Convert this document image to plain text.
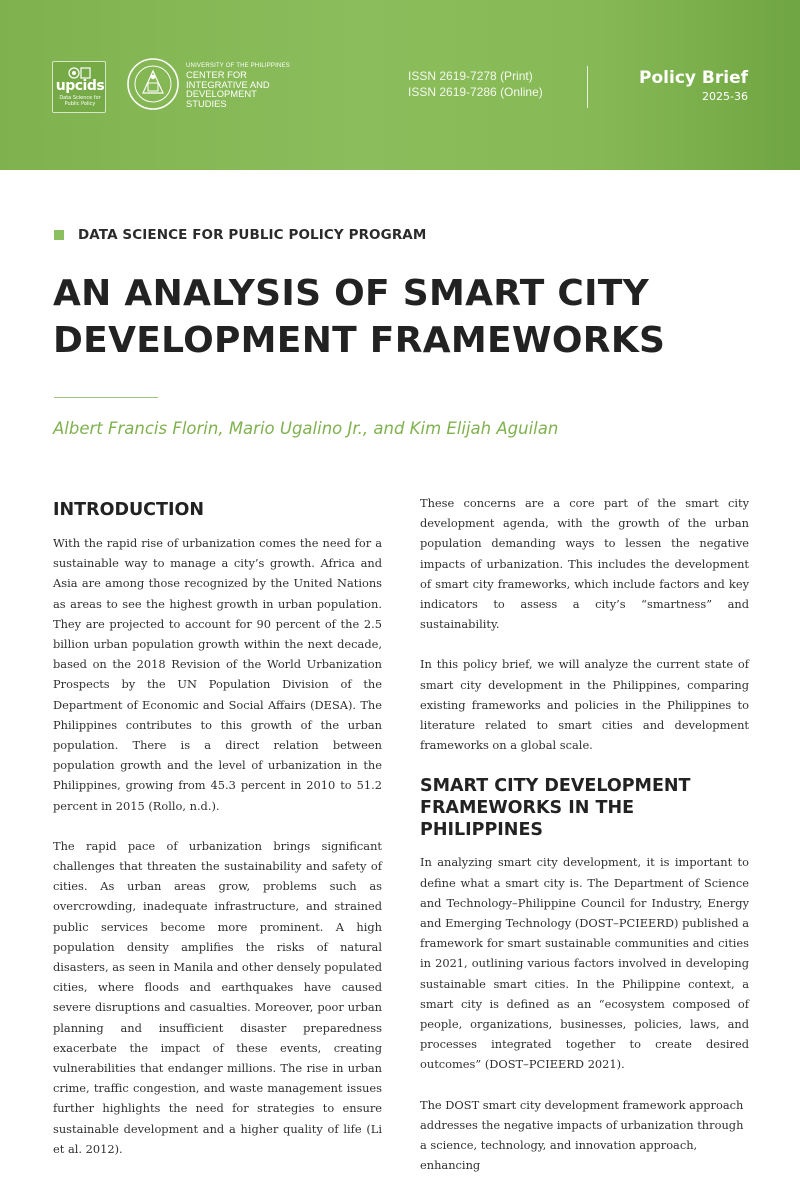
upcids
Data Science for
Public Policy
UNIVERSITY OF THE PHILIPPINES
CENTER FOR
INTEGRATIVE AND
DEVELOPMENT
STUDIES
ISSN 2619-7278 (Print)
ISSN 2619-7286 (Online)
Policy Brief
2025-36
DATA SCIENCE FOR PUBLIC POLICY PROGRAM
AN ANALYSIS OF SMART CITY DEVELOPMENT FRAMEWORKS
Albert Francis Florin, Mario Ugalino Jr., and Kim Elijah Aguilan
INTRODUCTION

With the rapid rise of urbanization comes the need for a sustainable way to manage a city’s growth. Africa and Asia are among those recognized by the United Nations as areas to see the highest growth in urban population. They are projected to account for 90 percent of the 2.5 billion urban population growth within the next decade, based on the 2018 Revision of the World Urbanization Prospects by the UN Population Division of the Department of Economic and Social Affairs (DESA). The Philippines contributes to this growth of the urban population. There is a direct relation between population growth and the level of urbanization in the Philippines, growing from 45.3 percent in 2010 to 51.2 percent in 2015 (Rollo, n.d.).

The rapid pace of urbanization brings significant challenges that threaten the sustainability and safety of cities. As urban areas grow, problems such as overcrowding, inadequate infrastructure, and strained public services become more prominent. A high population density amplifies the risks of natural disasters, as seen in Manila and other densely populated cities, where floods and earthquakes have caused severe disruptions and casualties. Moreover, poor urban planning and insufficient disaster preparedness exacerbate the impact of these events, creating vulnerabilities that endanger millions. The rise in urban crime, traffic congestion, and waste management issues further highlights the need for strategies to ensure sustainable development and a higher quality of life (Li et al. 2012).

These concerns are a core part of the smart city development agenda, with the growth of the urban population demanding ways to lessen the negative impacts of urbanization. This includes the development of smart city frameworks, which include factors and key indicators to assess a city’s “smartness” and sustainability.

In this policy brief, we will analyze the current state of smart city development in the Philippines, comparing existing frameworks and policies in the Philippines to literature related to smart cities and development frameworks on a global scale.

SMART CITY DEVELOPMENT
FRAMEWORKS IN THE PHILIPPINES

In analyzing smart city development, it is important to define what a smart city is. The Department of Science and Technology–Philippine Council for Industry, Energy and Emerging Technology (DOST–PCIEERD) published a framework for smart sustainable communities and cities in 2021, outlining various factors involved in developing sustainable smart cities. In the Philippine context, a smart city is defined as an “ecosystem composed of people, organizations, businesses, policies, laws, and processes integrated together to create desired outcomes” (DOST–PCIEERD 2021).

The DOST smart city development framework approach addresses the negative impacts of urbanization through a science, technology, and innovation approach, enhancing
